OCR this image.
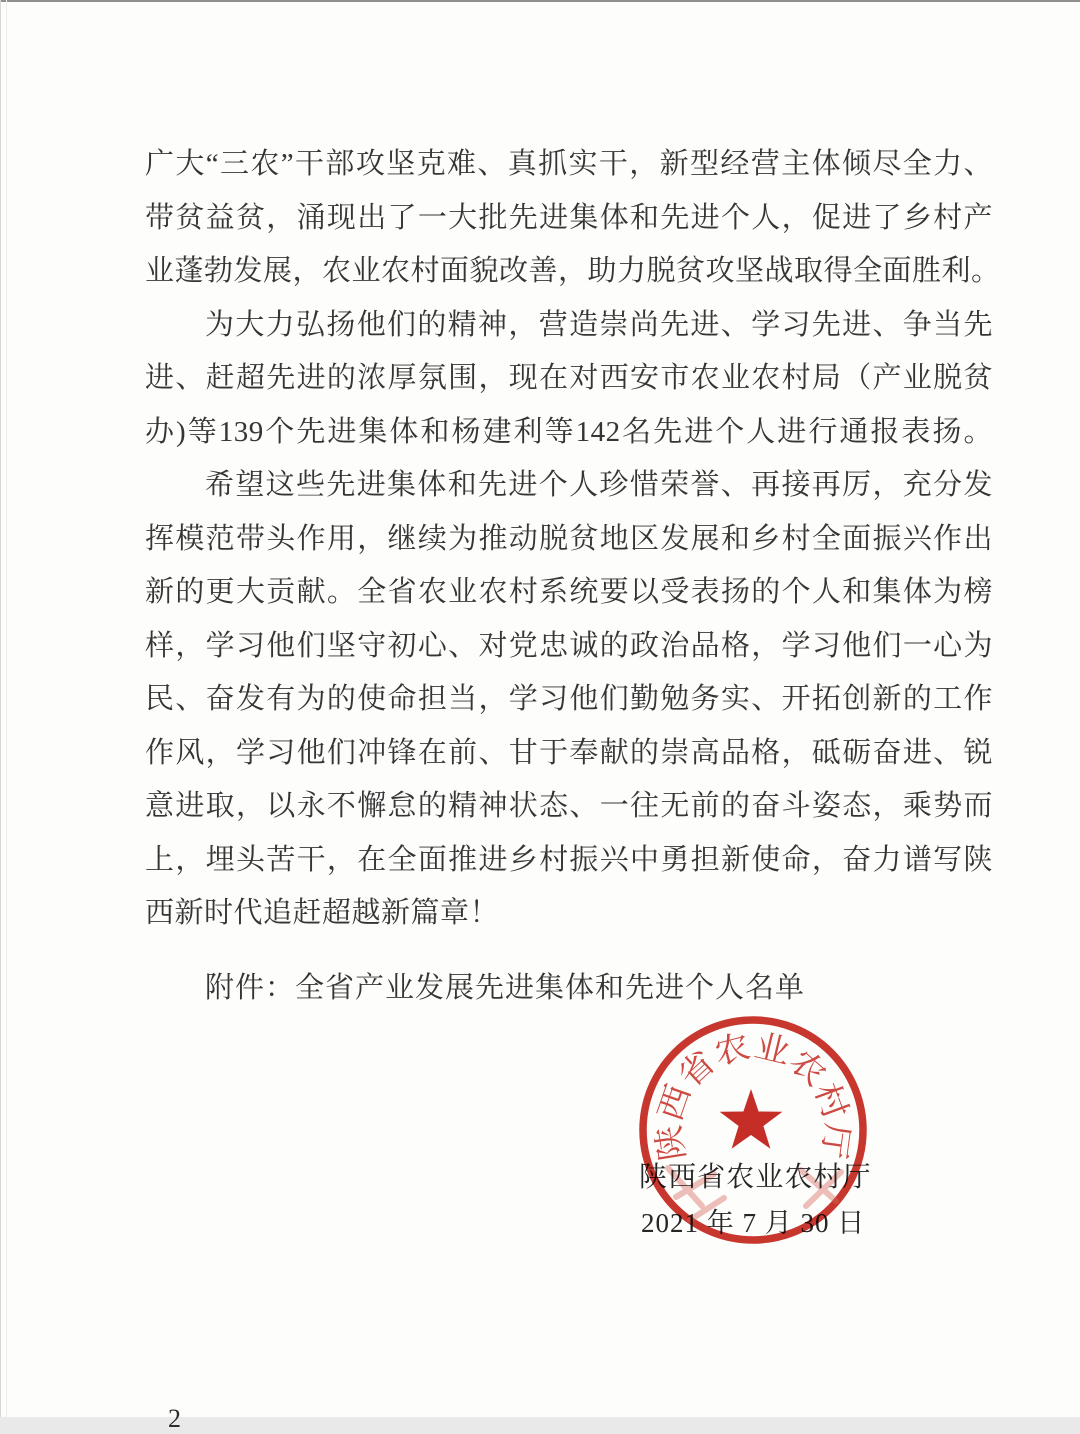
广大“三农”干部攻坚克难、真抓实干，新型经营主体倾尽全力、
带贫益贫，涌现出了一大批先进集体和先进个人，促进了乡村产
业蓬勃发展，农业农村面貌改善，助力脱贫攻坚战取得全面胜利。
为大力弘扬他们的精神，营造崇尚先进、学习先进、争当先
进、赶超先进的浓厚氛围，现在对西安市农业农村局（产业脱贫
办)等139个先进集体和杨建利等142名先进个人进行通报表扬。
希望这些先进集体和先进个人珍惜荣誉、再接再厉，充分发
挥模范带头作用，继续为推动脱贫地区发展和乡村全面振兴作出
新的更大贡献。全省农业农村系统要以受表扬的个人和集体为榜
样，学习他们坚守初心、对党忠诚的政治品格，学习他们一心为
民、奋发有为的使命担当，学习他们勤勉务实、开拓创新的工作
作风，学习他们冲锋在前、甘于奉献的崇高品格，砥砺奋进、锐
意进取，以永不懈怠的精神状态、一往无前的奋斗姿态，乘势而
上，埋头苦干，在全面推进乡村振兴中勇担新使命，奋力谱写陕
西新时代追赶超越新篇章！
附件：全省产业发展先进集体和先进个人名单
陕西省农业农村厅
2021 年 7 月 30 日
陕西省农业农村厅
2
